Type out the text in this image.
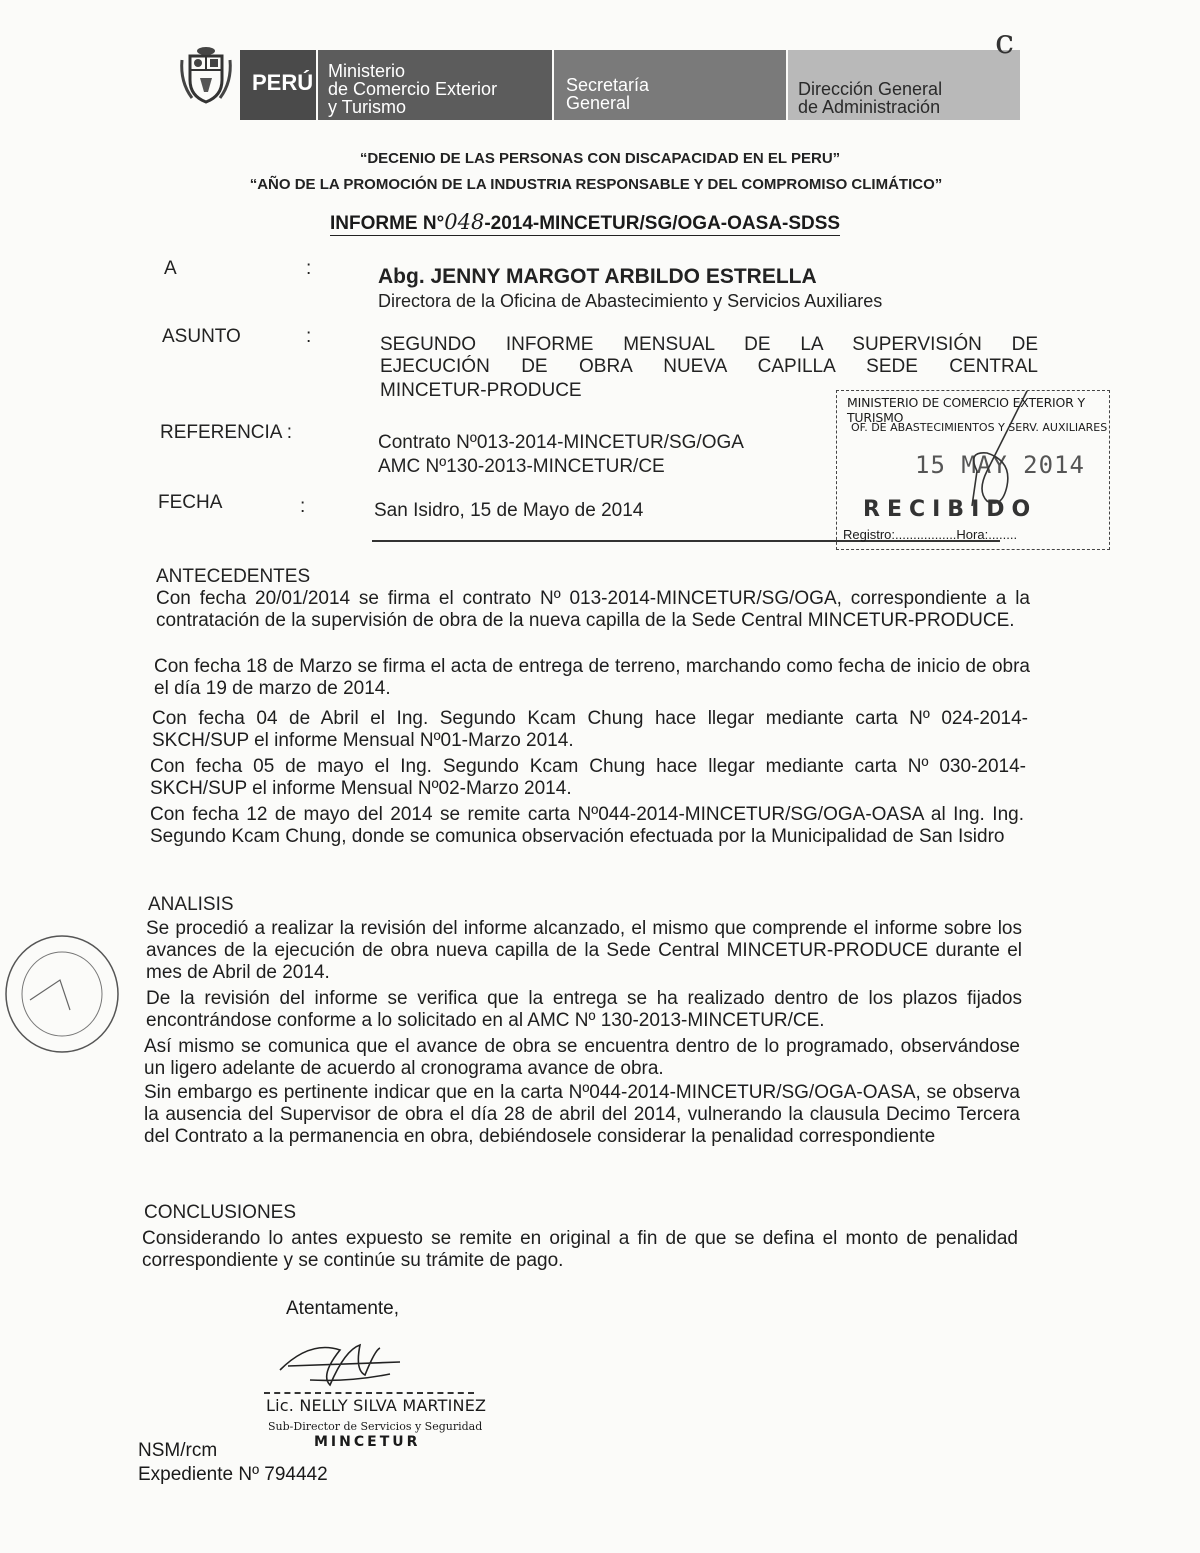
PERÚ Ministerio
de Comercio Exterior
y Turismo
Secretaría
General
Dirección General
de Administración
c
“DECENIO DE LAS PERSONAS CON DISCAPACIDAD EN EL PERU”
“AÑO DE LA PROMOCIÓN DE LA INDUSTRIA RESPONSABLE Y DEL COMPROMISO CLIMÁTICO”
INFORME N°048-2014-MINCETUR/SG/OGA-OASA-SDSS
A	:	Abg. JENNY MARGOT ARBILDO ESTRELLA
Directora de la Oficina de Abastecimiento y Servicios Auxiliares
ASUNTO	:	SEGUNDO INFORME MENSUAL DE LA SUPERVISIÓN DE
EJECUCIÓN DE OBRA NUEVA CAPILLA SEDE CENTRAL
MINCETUR-PRODUCE
REFERENCIA :	Contrato Nº013-2014-MINCETUR/SG/OGA
AMC Nº130-2013-MINCETUR/CE
FECHA	:	San Isidro, 15 de Mayo de 2014
MINISTERIO DE COMERCIO EXTERIOR Y TURISMO
OF. DE ABASTECIMIENTOS Y SERV. AUXILIARES
15 MAY 2014
RECIBIDO
Registro:.................Hora:........
ANTECEDENTES

Con fecha 20/01/2014 se firma el contrato Nº 013-2014-MINCETUR/SG/OGA, correspondiente a la contratación de la supervisión de obra de la nueva capilla de la Sede Central MINCETUR-PRODUCE.

Con fecha 18 de Marzo se firma el acta de entrega de terreno, marchando como fecha de inicio de obra el día 19 de marzo de 2014.

Con fecha 04 de Abril el Ing. Segundo Kcam Chung hace llegar mediante carta Nº 024-2014-SKCH/SUP el informe Mensual Nº01-Marzo 2014.

Con fecha 05 de mayo el Ing. Segundo Kcam Chung hace llegar mediante carta Nº 030-2014- SKCH/SUP el informe Mensual Nº02-Marzo 2014.

Con fecha 12 de mayo del 2014 se remite carta Nº044-2014-MINCETUR/SG/OGA-OASA al Ing. Ing. Segundo Kcam Chung, donde se comunica observación efectuada por la Municipalidad de San Isidro

ANALISIS

Se procedió a realizar la revisión del informe alcanzado, el mismo que comprende el informe sobre los avances de la ejecución de obra nueva capilla de la Sede Central MINCETUR-PRODUCE durante el mes de Abril de 2014.

De la revisión del informe se verifica que la entrega se ha realizado dentro de los plazos fijados encontrándose conforme a lo solicitado en al AMC Nº 130-2013-MINCETUR/CE.

Así mismo se comunica que el avance de obra se encuentra dentro de lo programado, observándose un ligero adelante de acuerdo al cronograma avance de obra.

Sin embargo es pertinente indicar que en la carta Nº044-2014-MINCETUR/SG/OGA-OASA, se observa la ausencia del Supervisor de obra el día 28 de abril del 2014, vulnerando la clausula Decimo Tercera del Contrato a la permanencia en obra, debiéndosele considerar la penalidad correspondiente

CONCLUSIONES

Considerando lo antes expuesto se remite en original a fin de que se defina el monto de penalidad correspondiente y se continúe su trámite de pago.

Atentamente,
Lic. NELLY SILVA MARTINEZ
Sub-Director de Servicios y Seguridad
MINCETUR
NSM/rcm
Expediente Nº 794442
